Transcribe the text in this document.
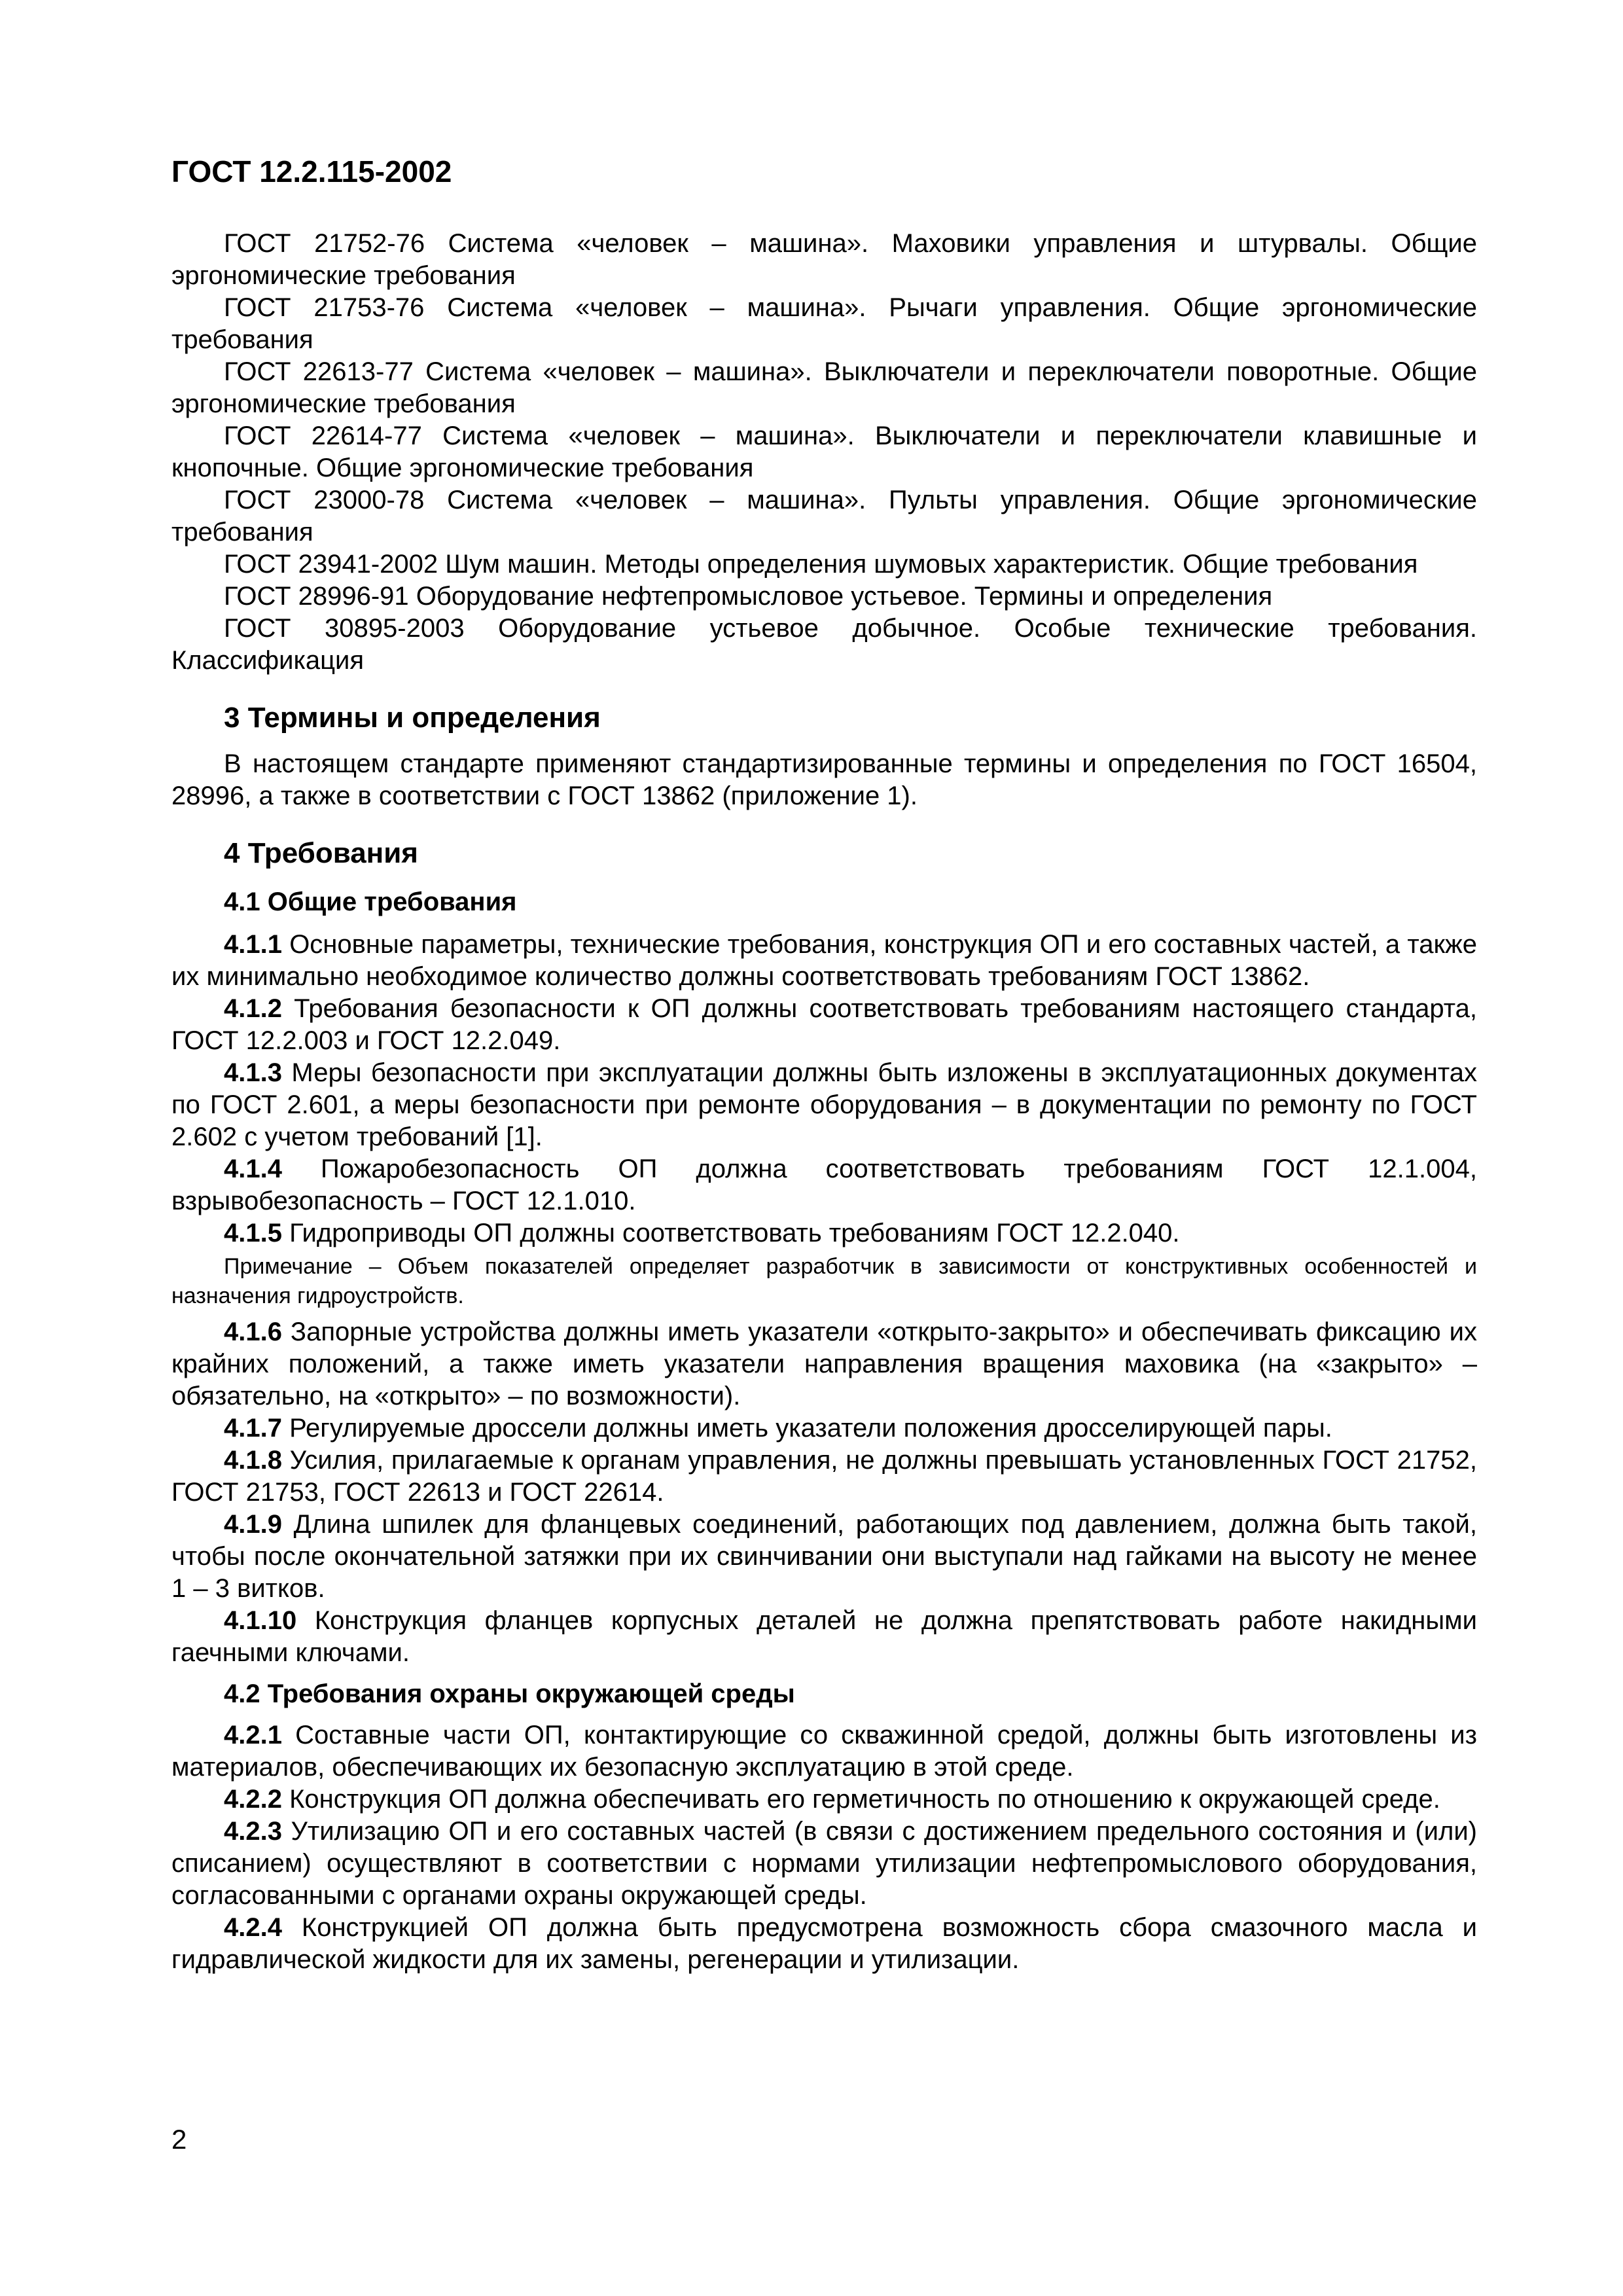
ГОСТ 12.2.115-2002

ГОСТ 21752-76 Система «человек – машина». Маховики управления и штурвалы. Общие эргономические требования

ГОСТ 21753-76 Система «человек – машина». Рычаги управления. Общие эргономические требования

ГОСТ 22613-77 Система «человек – машина». Выключатели и переключатели поворотные. Общие эргономические требования

ГОСТ 22614-77 Система «человек – машина». Выключатели и переключатели клавишные и кнопочные. Общие эргономические требования

ГОСТ 23000-78 Система «человек – машина». Пульты управления. Общие эргономические требования

ГОСТ 23941-2002 Шум машин. Методы определения шумовых характеристик. Общие требования

ГОСТ 28996-91 Оборудование нефтепромысловое устьевое. Термины и определения

ГОСТ 30895-2003 Оборудование устьевое добычное. Особые технические требования. Классификация

3 Термины и определения

В настоящем стандарте применяют стандартизированные термины и определения по ГОСТ 16504, 28996, а также в соответствии с ГОСТ 13862 (приложение 1).

4 Требования
4.1 Общие требования

4.1.1 Основные параметры, технические требования, конструкция ОП и его составных частей, а также их минимально необходимое количество должны соответствовать требованиям ГОСТ 13862.

4.1.2 Требования безопасности к ОП должны соответствовать требованиям настоящего стандарта, ГОСТ 12.2.003 и ГОСТ 12.2.049.

4.1.3 Меры безопасности при эксплуатации должны быть изложены в эксплуатационных документах по ГОСТ 2.601, а меры безопасности при ремонте оборудования – в документации по ремонту по ГОСТ 2.602 с учетом требований [1].

4.1.4 Пожаробезопасность ОП должна соответствовать требованиям ГОСТ 12.1.004, взрывобезопасность – ГОСТ 12.1.010.

4.1.5 Гидроприводы ОП должны соответствовать требованиям ГОСТ 12.2.040.

Примечание – Объем показателей определяет разработчик в зависимости от конструктивных особенностей и назначения гидроустройств.

4.1.6 Запорные устройства должны иметь указатели «открыто-закрыто» и обеспечивать фиксацию их крайних положений, а также иметь указатели направления вращения маховика (на «закрыто» – обязательно, на «открыто» – по возможности).

4.1.7 Регулируемые дроссели должны иметь указатели положения дросселирующей пары.

4.1.8 Усилия, прилагаемые к органам управления, не должны превышать установленных ГОСТ 21752, ГОСТ 21753, ГОСТ 22613 и ГОСТ 22614.

4.1.9 Длина шпилек для фланцевых соединений, работающих под давлением, должна быть такой, чтобы после окончательной затяжки при их свинчивании они выступали над гайками на высоту не менее 1 – 3 витков.

4.1.10 Конструкция фланцев корпусных деталей не должна препятствовать работе накидными гаечными ключами.

4.2 Требования охраны окружающей среды

4.2.1 Составные части ОП, контактирующие со скважинной средой, должны быть изготовлены из материалов, обеспечивающих их безопасную эксплуатацию в этой среде.

4.2.2 Конструкция ОП должна обеспечивать его герметичность по отношению к окружающей среде.

4.2.3 Утилизацию ОП и его составных частей (в связи с достижением предельного состояния и (или) списанием) осуществляют в соответствии с нормами утилизации нефтепромыслового оборудования, согласованными с органами охраны окружающей среды.

4.2.4 Конструкцией ОП должна быть предусмотрена возможность сбора смазочного масла и гидравлической жидкости для их замены, регенерации и утилизации.

2
